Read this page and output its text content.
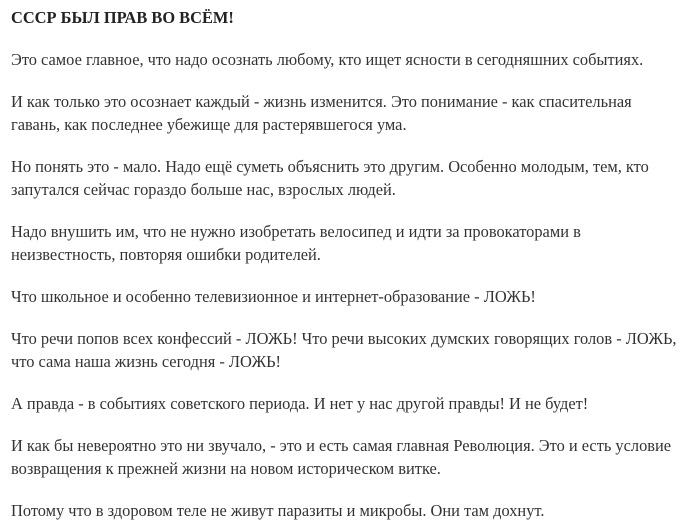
СССР БЫЛ ПРАВ ВО ВСЁМ!

Это самое главное, что надо осознать любому, кто ищет ясности в сегодняшних событиях.

И как только это осознает каждый - жизнь изменится. Это понимание - как спасительная гавань, как последнее убежище для растерявшегося ума.

Но понять это - мало. Надо ещё суметь объяснить это другим. Особенно молодым, тем, кто запутался сейчас гораздо больше нас, взрослых людей.

Надо внушить им, что не нужно изобретать велосипед и идти за провокаторами в неизвестность, повторяя ошибки родителей.

Что школьное и особенно телевизионное и интернет-образование - ЛОЖЬ!

Что речи попов всех конфессий - ЛОЖЬ! Что речи высоких думских говорящих голов - ЛОЖЬ, что сама наша жизнь сегодня - ЛОЖЬ!

А правда - в событиях советского периода. И нет у нас другой правды! И не будет!

И как бы невероятно это ни звучало, - это и есть самая главная Революция. Это и есть условие возвращения к прежней жизни на новом историческом витке.

Потому что в здоровом теле не живут паразиты и микробы. Они там дохнут.
